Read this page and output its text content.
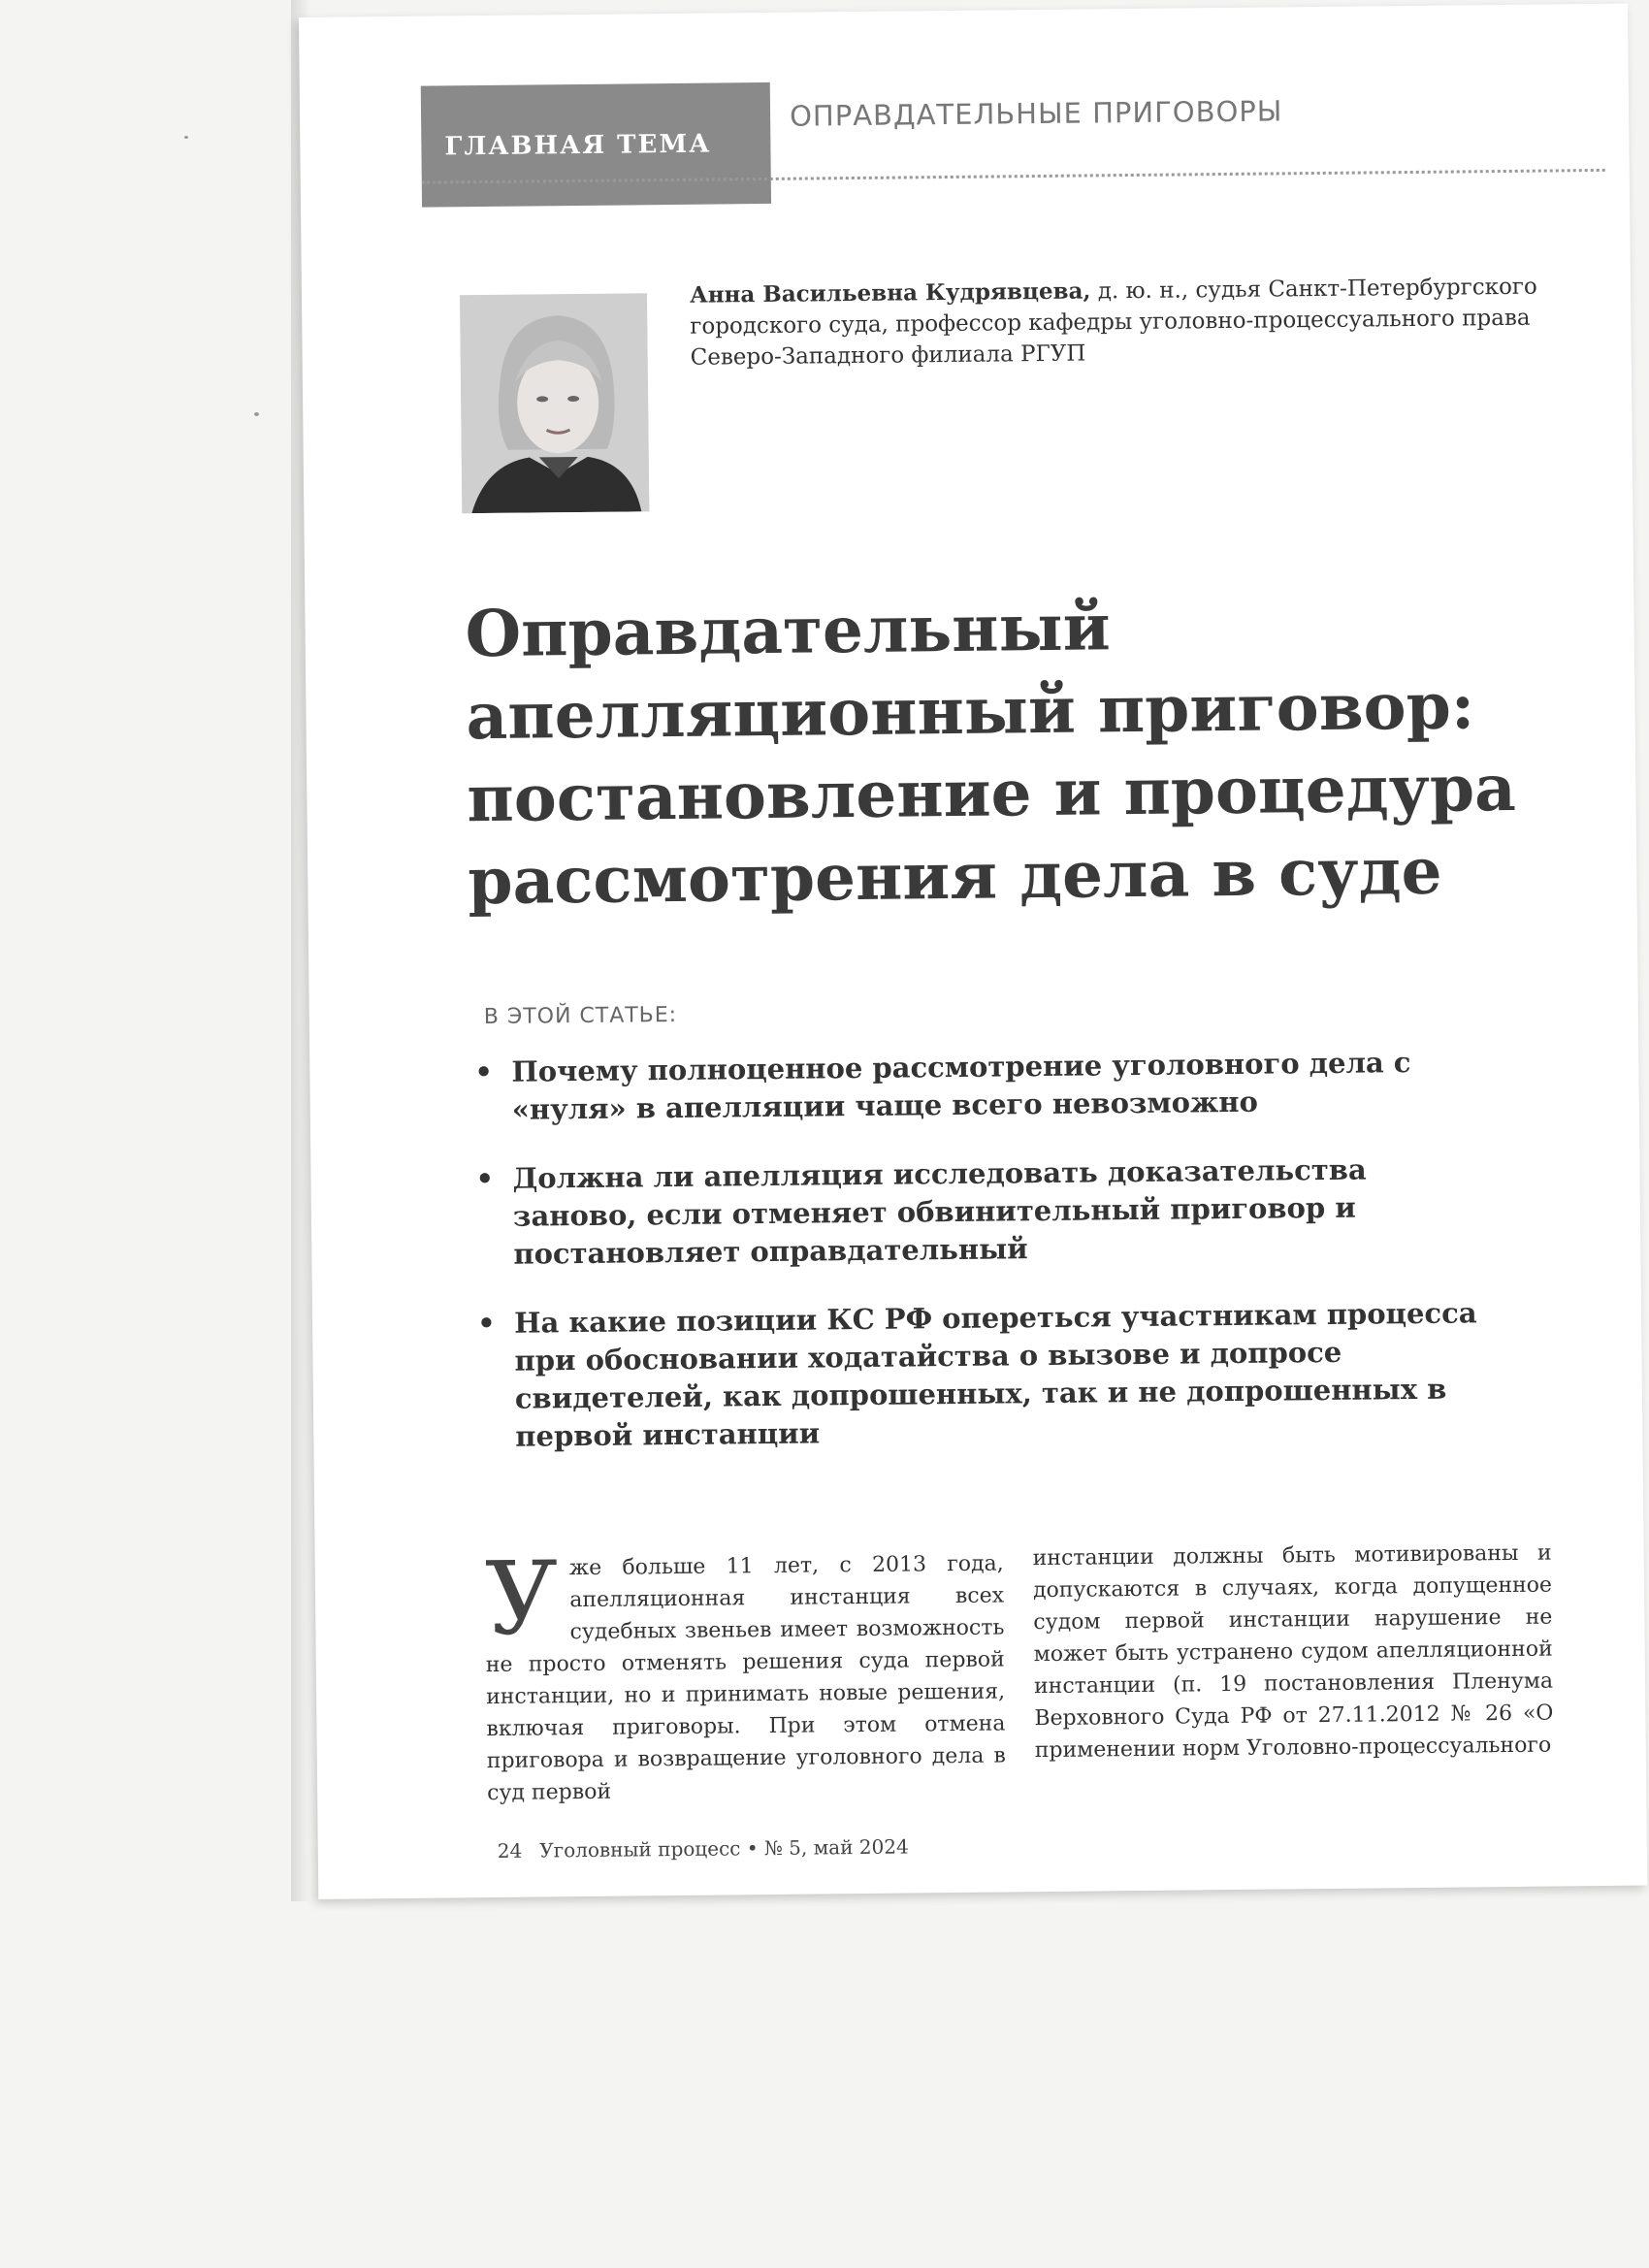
ГЛАВНАЯ ТЕМА
ОПРАВДАТЕЛЬНЫЕ ПРИГОВОРЫ
Анна Васильевна Кудрявцева, д. ю. н., судья Санкт-Петербургского городского суда, профессор кафедры уголовно-процессуального права Северо-Западного филиала РГУП
Оправдательный апелляционный приговор: постановление и процедура рассмотрения дела в суде
В ЭТОЙ СТАТЬЕ:
• Почему полноценное рассмотрение уголовного дела с «нуля» в апелляции чаще всего невозможно
• Должна ли апелляция исследовать доказательства заново, если отменяет обвинительный приговор и постановляет оправдательный
• На какие позиции КС РФ опереться участникам процесса при обосновании ходатайства о вызове и допросе свидетелей, как допрошенных, так и не допрошенных в первой инстанции
Уже больше 11 лет, с 2013 года, апелляционная инстанция всех судебных звеньев имеет возможность не просто отменять решения суда первой инстанции, но и принимать новые решения, включая приговоры. При этом отмена приговора и возвращение уголовного дела в суд первой
инстанции должны быть мотивированы и допускаются в случаях, когда допущенное судом первой инстанции нарушение не может быть устранено судом апелляционной инстанции (п. 19 постановления Пленума Верховного Суда РФ от 27.11.2012 № 26 «О применении норм Уголовно-процессуального
24 Уголовный процесс • № 5, май 2024
